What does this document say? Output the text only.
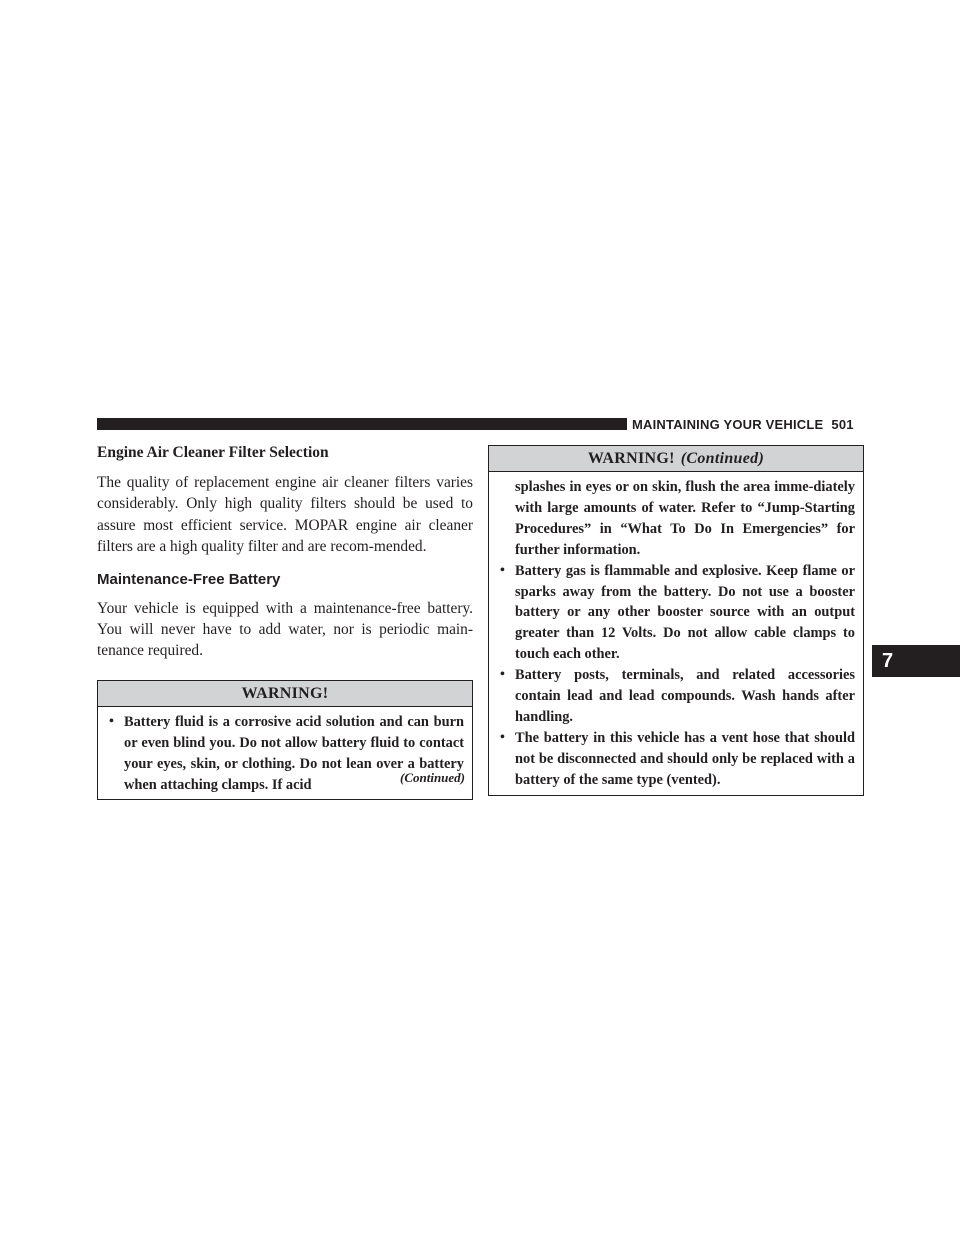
MAINTAINING YOUR VEHICLE 501
Engine Air Cleaner Filter Selection

The quality of replacement engine air cleaner filters varies considerably. Only high quality filters should be used to assure most efficient service. MOPAR engine air cleaner filters are a high quality filter and are recom-mended.

Maintenance-Free Battery

Your vehicle is equipped with a maintenance-free battery. You will never have to add water, nor is periodic main-tenance required.

WARNING!
• Battery fluid is a corrosive acid solution and can burn or even blind you. Do not allow battery fluid to contact your eyes, skin, or clothing. Do not lean over a battery when attaching clamps. If acid	(Continued)
WARNING! (Continued)
splashes in eyes or on skin, flush the area imme-diately with large amounts of water. Refer to “Jump-Starting Procedures” in “What To Do In Emergencies” for further information.
• Battery gas is flammable and explosive. Keep flame or sparks away from the battery. Do not use a booster battery or any other booster source with an output greater than 12 Volts. Do not allow cable clamps to touch each other.
• Battery posts, terminals, and related accessories contain lead and lead compounds. Wash hands after handling.
• The battery in this vehicle has a vent hose that should not be disconnected and should only be replaced with a battery of the same type (vented).
7
